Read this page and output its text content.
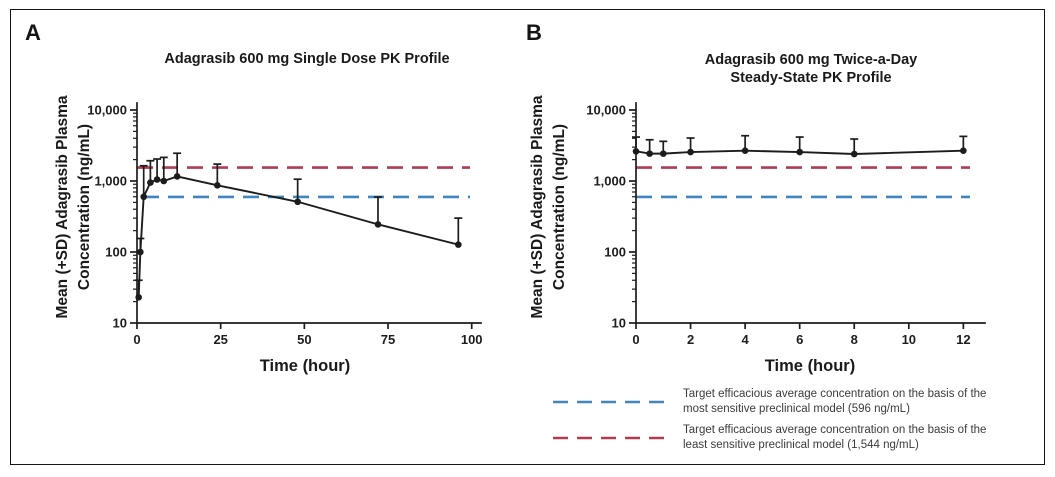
10
100
1,000
10,000
0	25	50	75	100
10
100
1,000
10,000
0	2	4	6	8	10	12
A	B
Adagrasib 600 mg Single Dose PK Profile	Adagrasib 600 mg Twice-a-Day
Steady-State PK Profile
Time (hour)	Time (hour)
Mean (+SD) Adagrasib Plasma Concentration (ng/mL)	Mean (+SD) Adagrasib Plasma Concentration (ng/mL)
Target efficacious average concentration on the basis of the
most sensitive preclinical model (596 ng/mL)
Target efficacious average concentration on the basis of the
least sensitive preclinical model (1,544 ng/mL)
